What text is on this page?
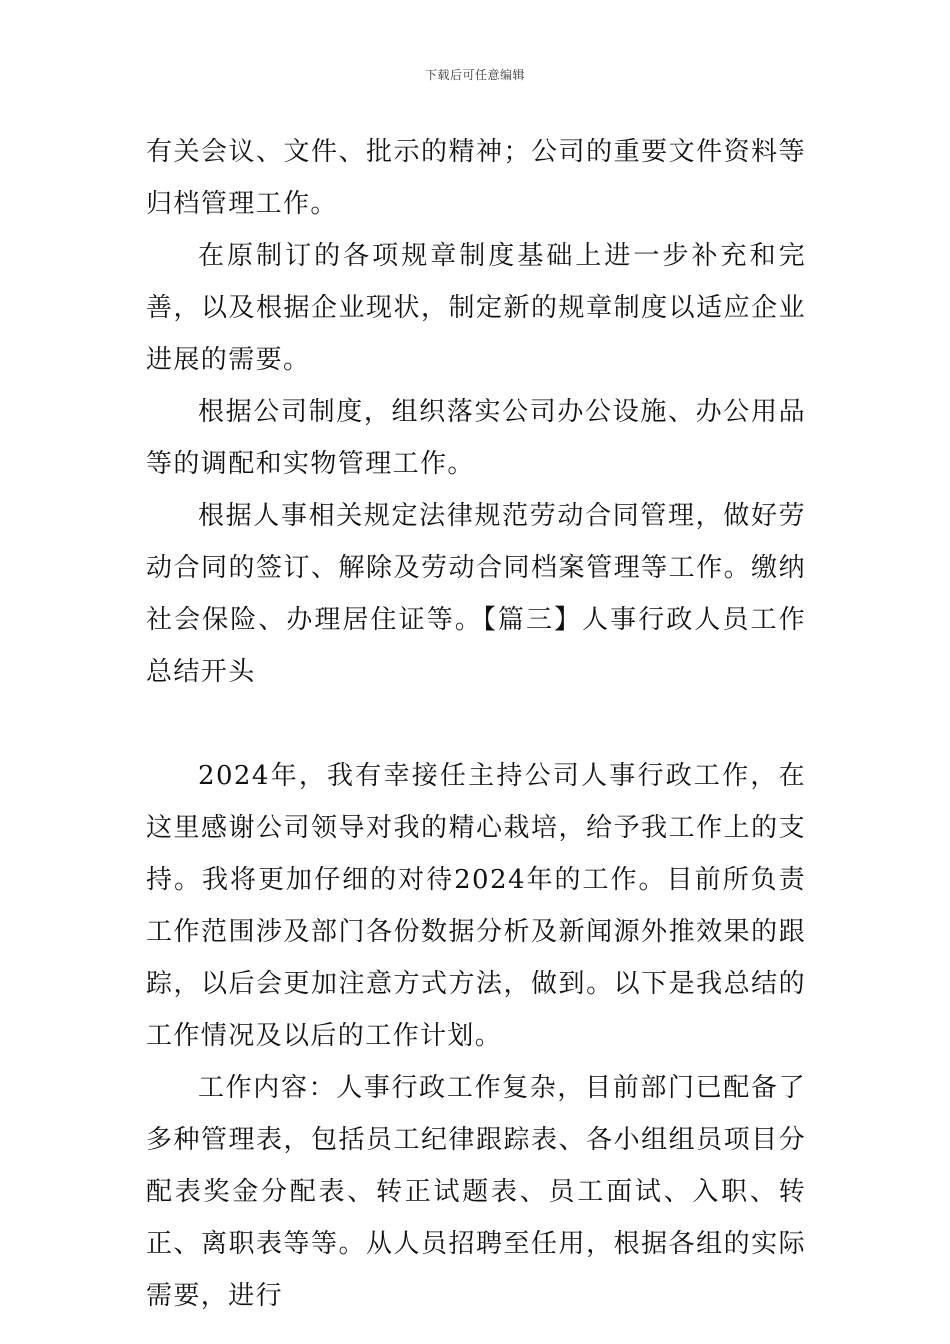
下载后可任意编辑

有关会议、文件、批示的精神；公司的重要文件资料等归档管理工作。

在原制订的各项规章制度基础上进一步补充和完善，以及根据企业现状，制定新的规章制度以适应企业进展的需要。

根据公司制度，组织落实公司办公设施、办公用品等的调配和实物管理工作。

根据人事相关规定法律规范劳动合同管理，做好劳动合同的签订、解除及劳动合同档案管理等工作。缴纳社会保险、办理居住证等。【篇三】人事行政人员工作总结开头

2024年，我有幸接任主持公司人事行政工作，在这里感谢公司领导对我的精心栽培，给予我工作上的支持。我将更加仔细的对待2024年的工作。目前所负责工作范围涉及部门各份数据分析及新闻源外推效果的跟踪，以后会更加注意方式方法，做到。以下是我总结的工作情况及以后的工作计划。

工作内容：人事行政工作复杂，目前部门已配备了多种管理表，包括员工纪律跟踪表、各小组组员项目分配表奖金分配表、转正试题表、员工面试、入职、转正、离职表等等。从人员招聘至任用，根据各组的实际需要，进行
